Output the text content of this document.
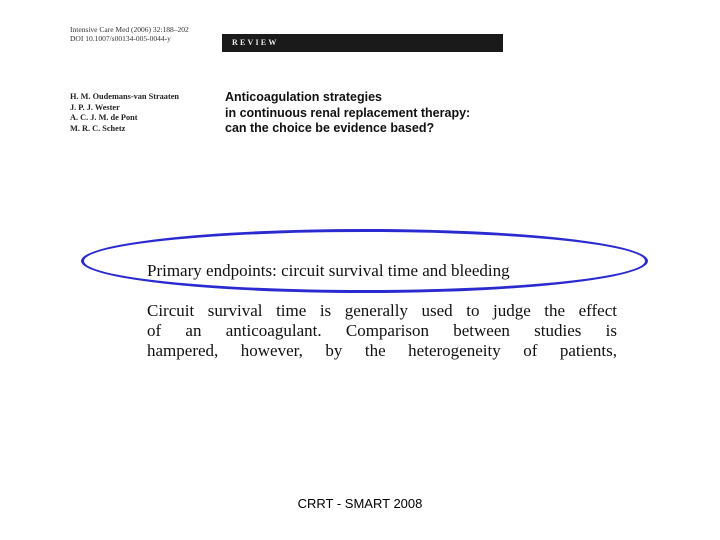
Intensive Care Med (2006) 32:188–202
DOI 10.1007/s00134-005-0044-y	REVIEW
H. M. Oudemans-van Straaten
J. P. J. Wester
A. C. J. M. de Pont
M. R. C. Schetz
Anticoagulation strategies
in continuous renal replacement therapy:
can the choice be evidence based?
Primary endpoints: circuit survival time and bleeding
Circuit survival time is generally used to judge the effect
of an anticoagulant. Comparison between studies is
hampered, however, by the heterogeneity of patients,
CRRT - SMART 2008
